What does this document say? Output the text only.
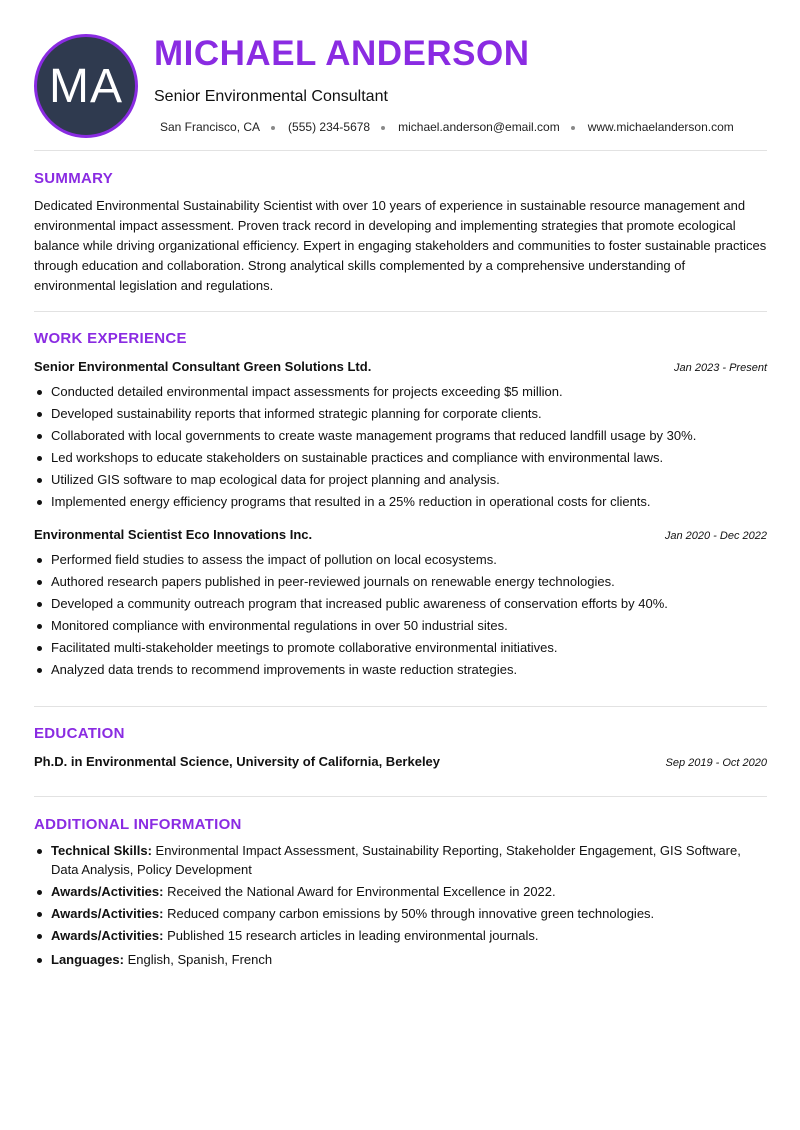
MA
MICHAEL ANDERSON
Senior Environmental Consultant
San Francisco, CA (555) 234-5678 michael.anderson@email.com www.michaelanderson.com
SUMMARY

Dedicated Environmental Sustainability Scientist with over 10 years of experience in sustainable resource management and environmental impact assessment. Proven track record in developing and implementing strategies that promote ecological balance while driving organizational efficiency. Expert in engaging stakeholders and communities to foster sustainable practices through education and collaboration. Strong analytical skills complemented by a comprehensive understanding of environmental legislation and regulations.

WORK EXPERIENCE
Senior Environmental Consultant Green Solutions Ltd.	Jan 2023 - Present
Conducted detailed environmental impact assessments for projects exceeding $5 million.
Developed sustainability reports that informed strategic planning for corporate clients.
Collaborated with local governments to create waste management programs that reduced landfill usage by 30%.
Led workshops to educate stakeholders on sustainable practices and compliance with environmental laws.
Utilized GIS software to map ecological data for project planning and analysis.
Implemented energy efficiency programs that resulted in a 25% reduction in operational costs for clients.
Environmental Scientist Eco Innovations Inc.	Jan 2020 - Dec 2022
Performed field studies to assess the impact of pollution on local ecosystems.
Authored research papers published in peer-reviewed journals on renewable energy technologies.
Developed a community outreach program that increased public awareness of conservation efforts by 40%.
Monitored compliance with environmental regulations in over 50 industrial sites.
Facilitated multi-stakeholder meetings to promote collaborative environmental initiatives.
Analyzed data trends to recommend improvements in waste reduction strategies.
EDUCATION
Ph.D. in Environmental Science, University of California, Berkeley	Sep 2019 - Oct 2020
ADDITIONAL INFORMATION
Technical Skills: Environmental Impact Assessment, Sustainability Reporting, Stakeholder Engagement, GIS Software, Data Analysis, Policy Development
Awards/Activities: Received the National Award for Environmental Excellence in 2022.
Awards/Activities: Reduced company carbon emissions by 50% through innovative green technologies.
Awards/Activities: Published 15 research articles in leading environmental journals.
Languages: English, Spanish, French
